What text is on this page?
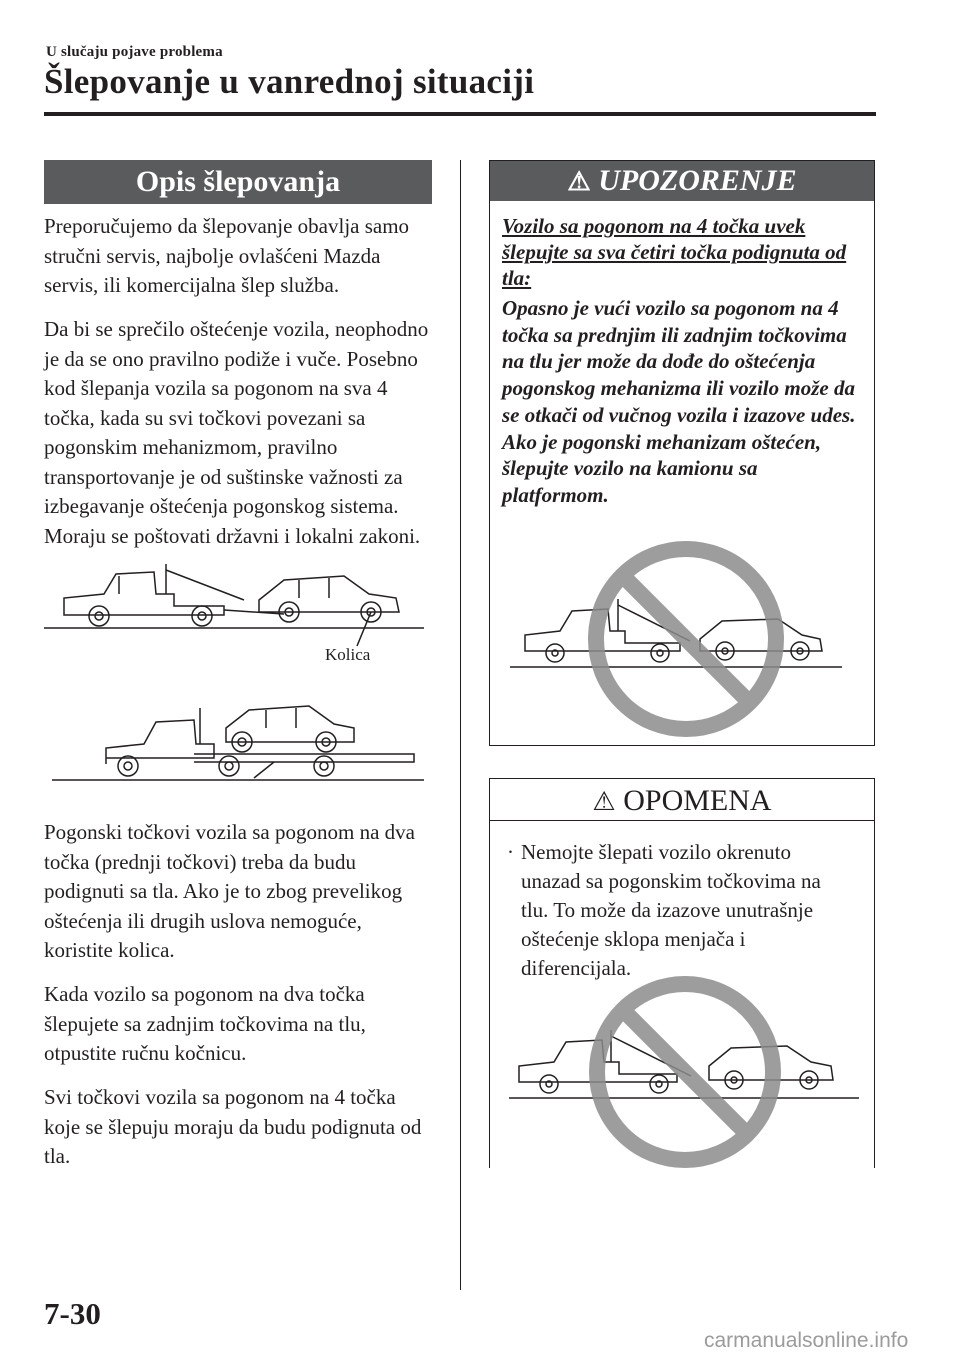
U slučaju pojave problema
Šlepovanje u vanrednoj situaciji
Opis šlepovanja

Preporučujemo da šlepovanje obavlja samo stručni servis, najbolje ovlašćeni Mazda servis, ili komercijalna šlep služba.

Da bi se sprečilo oštećenje vozila, neophodno je da se ono pravilno podiže i vuče. Posebno kod šlepanja vozila sa pogonom na sva 4 točka, kada su svi točkovi povezani sa pogonskim mehanizmom, pravilno transportovanje je od suštinske važnosti za izbegavanje oštećenja pogonskog sistema. Moraju se poštovati državni i lokalni zakoni.

Kolica

Pogonski točkovi vozila sa pogonom na dva točka (prednji točkovi) treba da budu podignuti sa tla. Ako je to zbog prevelikog oštećenja ili drugih uslova nemoguće, koristite kolica.

Kada vozilo sa pogonom na dva točka šlepujete sa zadnjim točkovima na tlu, otpustite ručnu kočnicu.

Svi točkovi vozila sa pogonom na 4 točka koje se šlepuju moraju da budu podignuta od tla.

⚠ UPOZORENJE
Vozilo sa pogonom na 4 točka uvek šlepujte sa sva četiri točka podignuta od tla:
Opasno je vući vozilo sa pogonom na 4 točka sa prednjim ili zadnjim točkovima na tlu jer može da dođe do oštećenja pogonskog mehanizma ili vozilo može da se otkači od vučnog vozila i izazove udes. Ako je pogonski mehanizam oštećen, šlepujte vozilo na kamionu sa platformom.
⚠ OPOMENA
· Nemojte šlepati vozilo okrenuto unazad sa pogonskim točkovima na tlu. To može da izazove unutrašnje oštećenje sklopa menjača i diferencijala.
7-30
carmanualsonline.info
